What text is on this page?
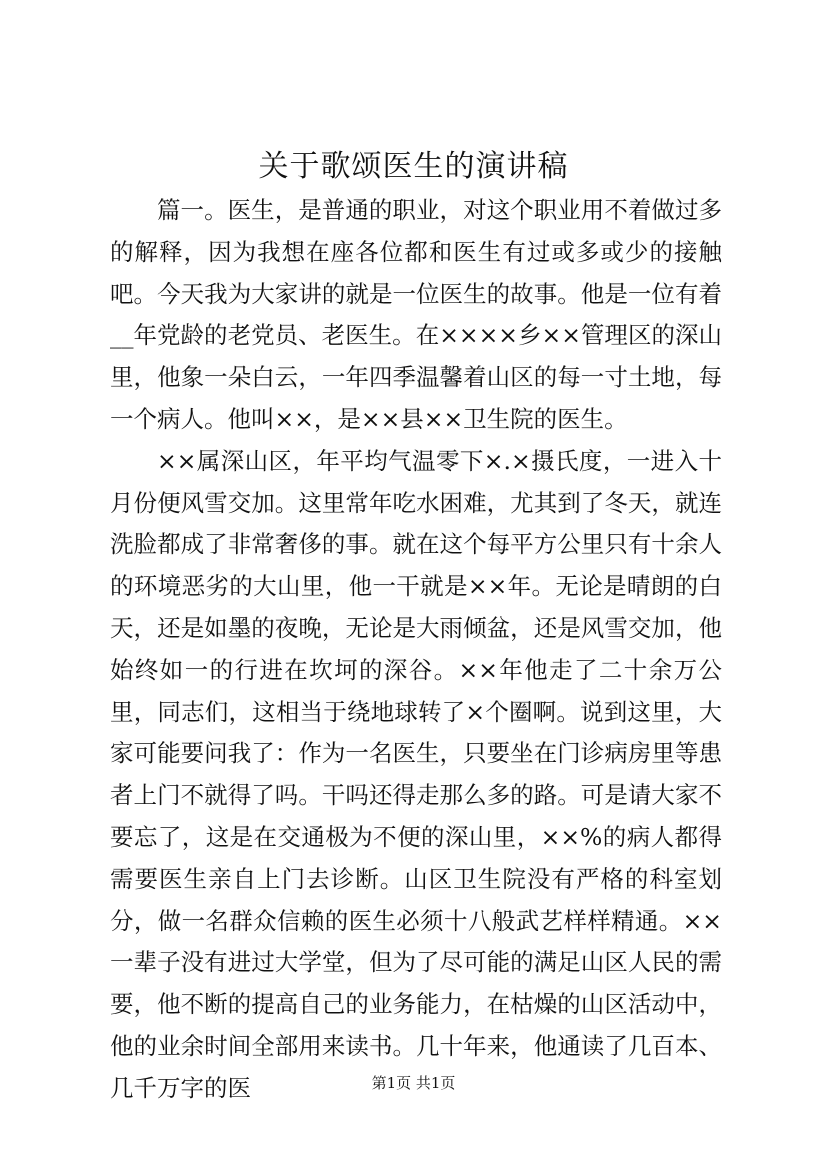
关于歌颂医生的演讲稿

篇一。医生，是普通的职业，对这个职业用不着做过多的解释，因为我想在座各位都和医生有过或多或少的接触吧。今天我为大家讲的就是一位医生的故事。他是一位有着__年党龄的老党员、老医生。在××××乡××管理区的深山里，他象一朵白云，一年四季温馨着山区的每一寸土地，每一个病人。他叫××，是××县××卫生院的医生。

××属深山区，年平均气温零下×.×摄氏度，一进入十月份便风雪交加。这里常年吃水困难，尤其到了冬天，就连洗脸都成了非常奢侈的事。就在这个每平方公里只有十余人的环境恶劣的大山里，他一干就是××年。无论是晴朗的白天，还是如墨的夜晚，无论是大雨倾盆，还是风雪交加，他始终如一的行进在坎坷的深谷。××年他走了二十余万公里，同志们，这相当于绕地球转了×个圈啊。说到这里，大家可能要问我了：作为一名医生，只要坐在门诊病房里等患者上门不就得了吗。干吗还得走那么多的路。可是请大家不要忘了，这是在交通极为不便的深山里，××%的病人都得需要医生亲自上门去诊断。山区卫生院没有严格的科室划分，做一名群众信赖的医生必须十八般武艺样样精通。××一辈子没有进过大学堂，但为了尽可能的满足山区人民的需要，他不断的提高自己的业务能力，在枯燥的山区活动中，他的业余时间全部用来读书。几十年来，他通读了几百本、几千万字的医	第1页 共1页
